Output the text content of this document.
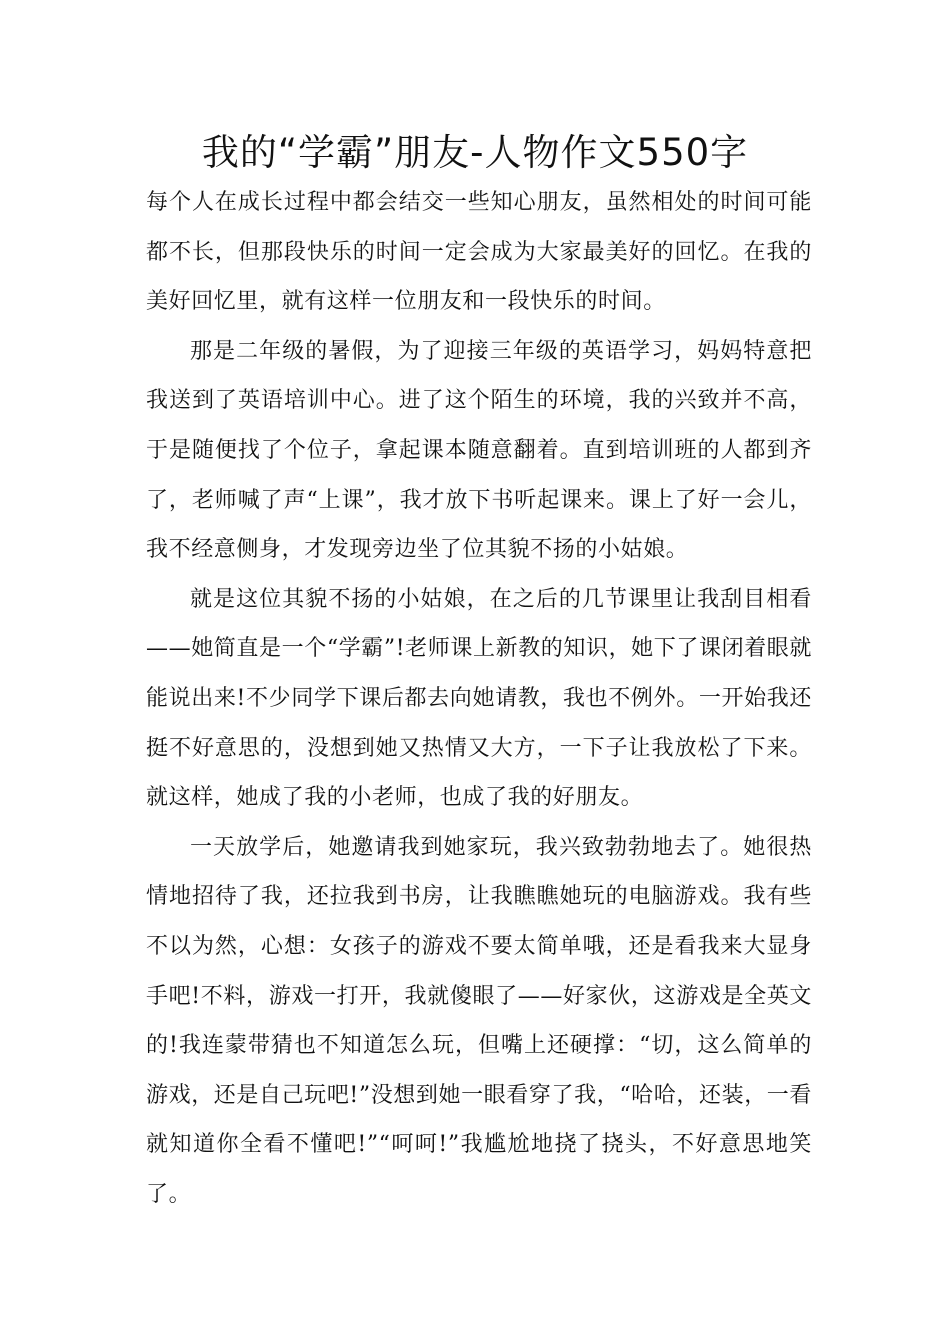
我的“学霸”朋友-人物作文550字

每个人在成长过程中都会结交一些知心朋友，虽然相处的时间可能都不长，但那段快乐的时间一定会成为大家最美好的回忆。在我的美好回忆里，就有这样一位朋友和一段快乐的时间。

那是二年级的暑假，为了迎接三年级的英语学习，妈妈特意把我送到了英语培训中心。进了这个陌生的环境，我的兴致并不高，于是随便找了个位子，拿起课本随意翻着。直到培训班的人都到齐了，老师喊了声“上课”，我才放下书听起课来。课上了好一会儿，我不经意侧身，才发现旁边坐了位其貌不扬的小姑娘。

就是这位其貌不扬的小姑娘，在之后的几节课里让我刮目相看——她简直是一个“学霸”!老师课上新教的知识，她下了课闭着眼就能说出来!不少同学下课后都去向她请教，我也不例外。一开始我还挺不好意思的，没想到她又热情又大方，一下子让我放松了下来。就这样，她成了我的小老师，也成了我的好朋友。

一天放学后，她邀请我到她家玩，我兴致勃勃地去了。她很热情地招待了我，还拉我到书房，让我瞧瞧她玩的电脑游戏。我有些不以为然，心想：女孩子的游戏不要太简单哦，还是看我来大显身手吧!不料，游戏一打开，我就傻眼了——好家伙，这游戏是全英文的!我连蒙带猜也不知道怎么玩，但嘴上还硬撑：“切，这么简单的游戏，还是自己玩吧!”没想到她一眼看穿了我，“哈哈，还装，一看就知道你全看不懂吧!”“呵呵!”我尴尬地挠了挠头，不好意思地笑了。
